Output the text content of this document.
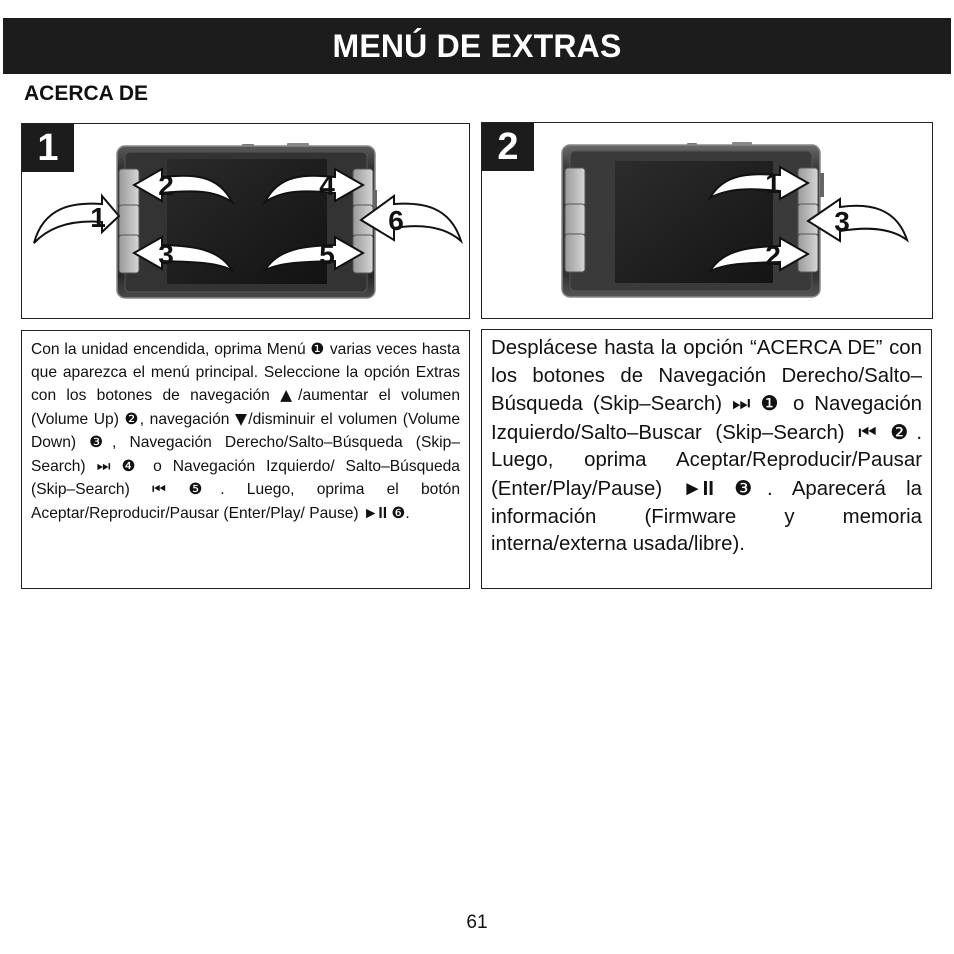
MENÚ DE EXTRAS
ACERCA DE
1
2
3
4
5
6
1
1
2
3
2

Con la unidad encendida, oprima Menú ❶ varias veces hasta que aparezca el menú principal. Seleccione la opción Extras con los botones de navegación ▲/aumentar el volumen (Volume Up) ❷, navegación ▼/disminuir el volumen (Volume Down) ❸, Navegación Derecho/Salto–Búsqueda (Skip–Search) ⏭ ❹ o Navegación Izquierdo/ Salto–Búsqueda (Skip–Search) ⏮ ❺. Luego, oprima el botón Aceptar/Reproducir/Pausar (Enter/Play/ Pause) ►II ❻.

Desplácese hasta la opción “ACERCA DE” con los botones de Navegación Derecho/Salto–Búsqueda (Skip–Search) ⏭ ❶ o Navegación Izquierdo/Salto–Buscar (Skip–Search) ⏮ ❷. Luego, oprima Aceptar/Reproducir/Pausar (Enter/Play/Pause) ►II ❸. Aparecerá la información (Firmware y memoria interna/externa usada/libre).

61
